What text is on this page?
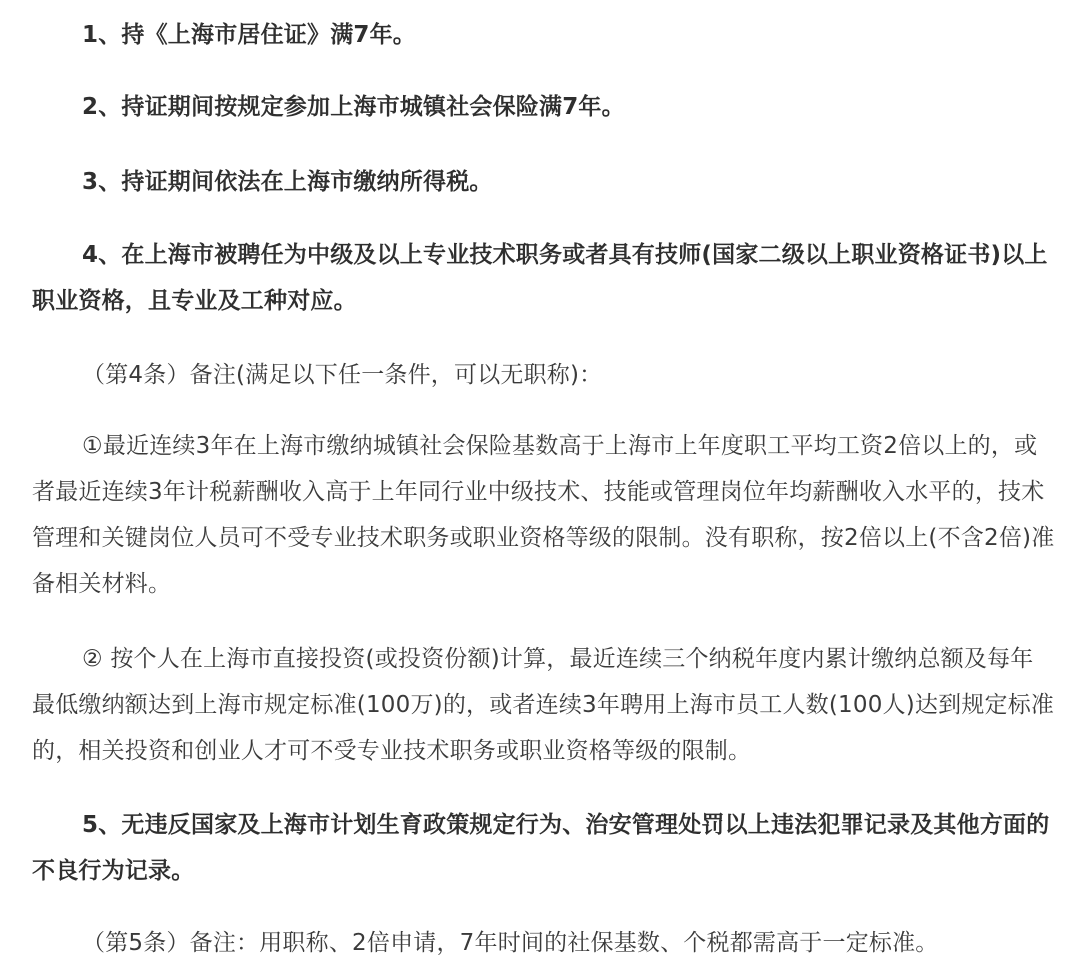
1、持《上海市居住证》满7年。

2、持证期间按规定参加上海市城镇社会保险满7年。

3、持证期间依法在上海市缴纳所得税。

4、在上海市被聘任为中级及以上专业技术职务或者具有技师(国家二级以上职业资格证书)以上职业资格，且专业及工种对应。

（第4条）备注(满足以下任一条件，可以无职称)：

①最近连续3年在上海市缴纳城镇社会保险基数高于上海市上年度职工平均工资2倍以上的，或者最近连续3年计税薪酬收入高于上年同行业中级技术、技能或管理岗位年均薪酬收入水平的，技术管理和关键岗位人员可不受专业技术职务或职业资格等级的限制。没有职称，按2倍以上(不含2倍)准备相关材料。

② 按个人在上海市直接投资(或投资份额)计算，最近连续三个纳税年度内累计缴纳总额及每年最低缴纳额达到上海市规定标准(100万)的，或者连续3年聘用上海市员工人数(100人)达到规定标准的，相关投资和创业人才可不受专业技术职务或职业资格等级的限制。

5、无违反国家及上海市计划生育政策规定行为、治安管理处罚以上违法犯罪记录及其他方面的不良行为记录。

（第5条）备注：用职称、2倍申请，7年时间的社保基数、个税都需高于一定标准。
